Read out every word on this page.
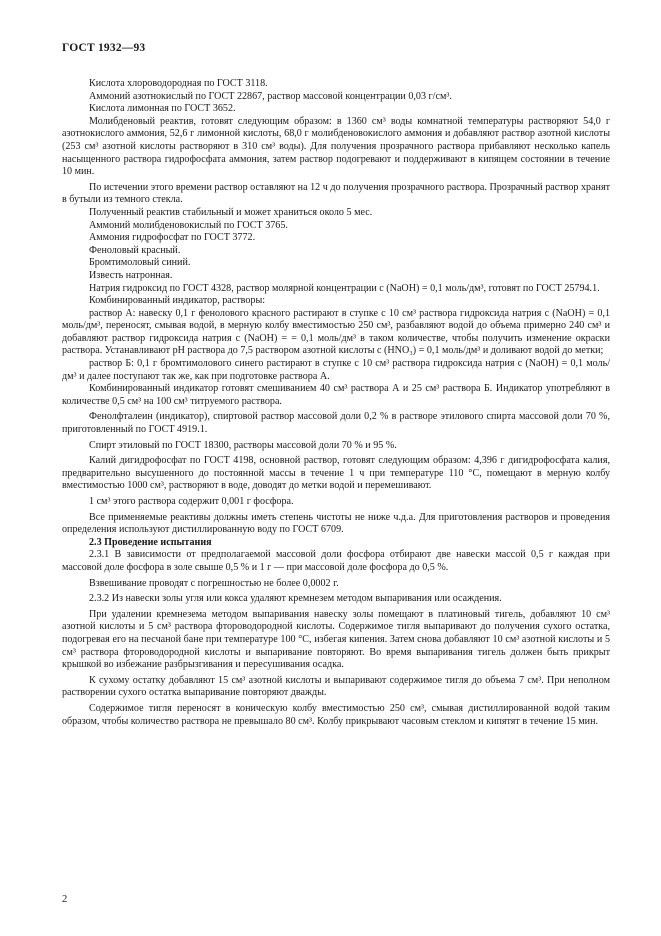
ГОСТ 1932—93

Кислота хлороводородная по ГОСТ 3118.

Аммоний азотнокислый по ГОСТ 22867, раствор массовой концентрации 0,03 г/см³.

Кислота лимонная по ГОСТ 3652.

Молибденовый реактив, готовят следующим образом: в 1360 см³ воды комнатной температуры растворяют 54,0 г азотнокислого аммония, 52,6 г лимонной кислоты, 68,0 г молибденовокислого аммония и добавляют раствор азотной кислоты (253 см³ азотной кислоты растворяют в 310 см³ воды). Для получения прозрачного раствора прибавляют несколько капель насыщенного раствора гидрофосфата аммония, затем раствор подогревают и поддерживают в кипящем состоянии в течение 10 мин.

По истечении этого времени раствор оставляют на 12 ч до получения прозрачного раствора. Прозрачный раствор хранят в бутыли из темного стекла.

Полученный реактив стабильный и может храниться около 5 мес.

Аммоний молибденовокислый по ГОСТ 3765.

Аммония гидрофосфат по ГОСТ 3772.

Феноловый красный.

Бромтимоловый синий.

Известь натронная.

Натрия гидроксид по ГОСТ 4328, раствор молярной концентрации c (NaOH) = 0,1 моль/дм³, готовят по ГОСТ 25794.1.

Комбинированный индикатор, растворы:

раствор А: навеску 0,1 г фенолового красного растирают в ступке с 10 см³ раствора гидроксида натрия c (NaOH) = 0,1 моль/дм³, переносят, смывая водой, в мерную колбу вместимостью 250 см³, разбавляют водой до объема примерно 240 см³ и добавляют раствор гидроксида натрия c (NaOH) = = 0,1 моль/дм³ в таком количестве, чтобы получить изменение окраски раствора. Устанавливают pH раствора до 7,5 раствором азотной кислоты c (HNO₃) = 0,1 моль/дм³ и доливают водой до метки;

раствор Б: 0,1 г бромтимолового синего растирают в ступке с 10 см³ раствора гидроксида натрия c (NaOH) = 0,1 моль/дм³ и далее поступают так же, как при подготовке раствора А.

Комбинированный индикатор готовят смешиванием 40 см³ раствора А и 25 см³ раствора Б. Индикатор употребляют в количестве 0,5 см³ на 100 см³ титруемого раствора.

Фенолфталеин (индикатор), спиртовой раствор массовой доли 0,2 % в растворе этилового спирта массовой доли 70 %, приготовленный по ГОСТ 4919.1.

Спирт этиловый по ГОСТ 18300, растворы массовой доли 70 % и 95 %.

Калий дигидрофосфат по ГОСТ 4198, основной раствор, готовят следующим образом: 4,396 г дигидрофосфата калия, предварительно высушенного до постоянной массы в течение 1 ч при температуре 110 °C, помещают в мерную колбу вместимостью 1000 см³, растворяют в воде, доводят до метки водой и перемешивают.

1 см³ этого раствора содержит 0,001 г фосфора.

Все применяемые реактивы должны иметь степень чистоты не ниже ч.д.а. Для приготовления растворов и проведения определения используют дистиллированную воду по ГОСТ 6709.

2.3 Проведение испытания

2.3.1 В зависимости от предполагаемой массовой доли фосфора отбирают две навески массой 0,5 г каждая при массовой доле фосфора в золе свыше 0,5 % и 1 г — при массовой доле фосфора до 0,5 %.

Взвешивание проводят с погрешностью не более 0,0002 г.

2.3.2 Из навески золы угля или кокса удаляют кремнезем методом выпаривания или осаждения.

При удалении кремнезема методом выпаривания навеску золы помещают в платиновый тигель, добавляют 10 см³ азотной кислоты и 5 см³ раствора фтороводородной кислоты. Содержимое тигля выпаривают до получения сухого остатка, подогревая его на песчаной бане при температуре 100 °C, избегая кипения. Затем снова добавляют 10 см³ азотной кислоты и 5 см³ раствора фтороводородной кислоты и выпаривание повторяют. Во время выпаривания тигель должен быть прикрыт крышкой во избежание разбрызгивания и пересушивания осадка.

К сухому остатку добавляют 15 см³ азотной кислоты и выпаривают содержимое тигля до объема 7 см³. При неполном растворении сухого остатка выпаривание повторяют дважды.

Содержимое тигля переносят в коническую колбу вместимостью 250 см³, смывая дистиллированной водой таким образом, чтобы количество раствора не превышало 80 см³. Колбу прикрывают часовым стеклом и кипятят в течение 15 мин.

2
